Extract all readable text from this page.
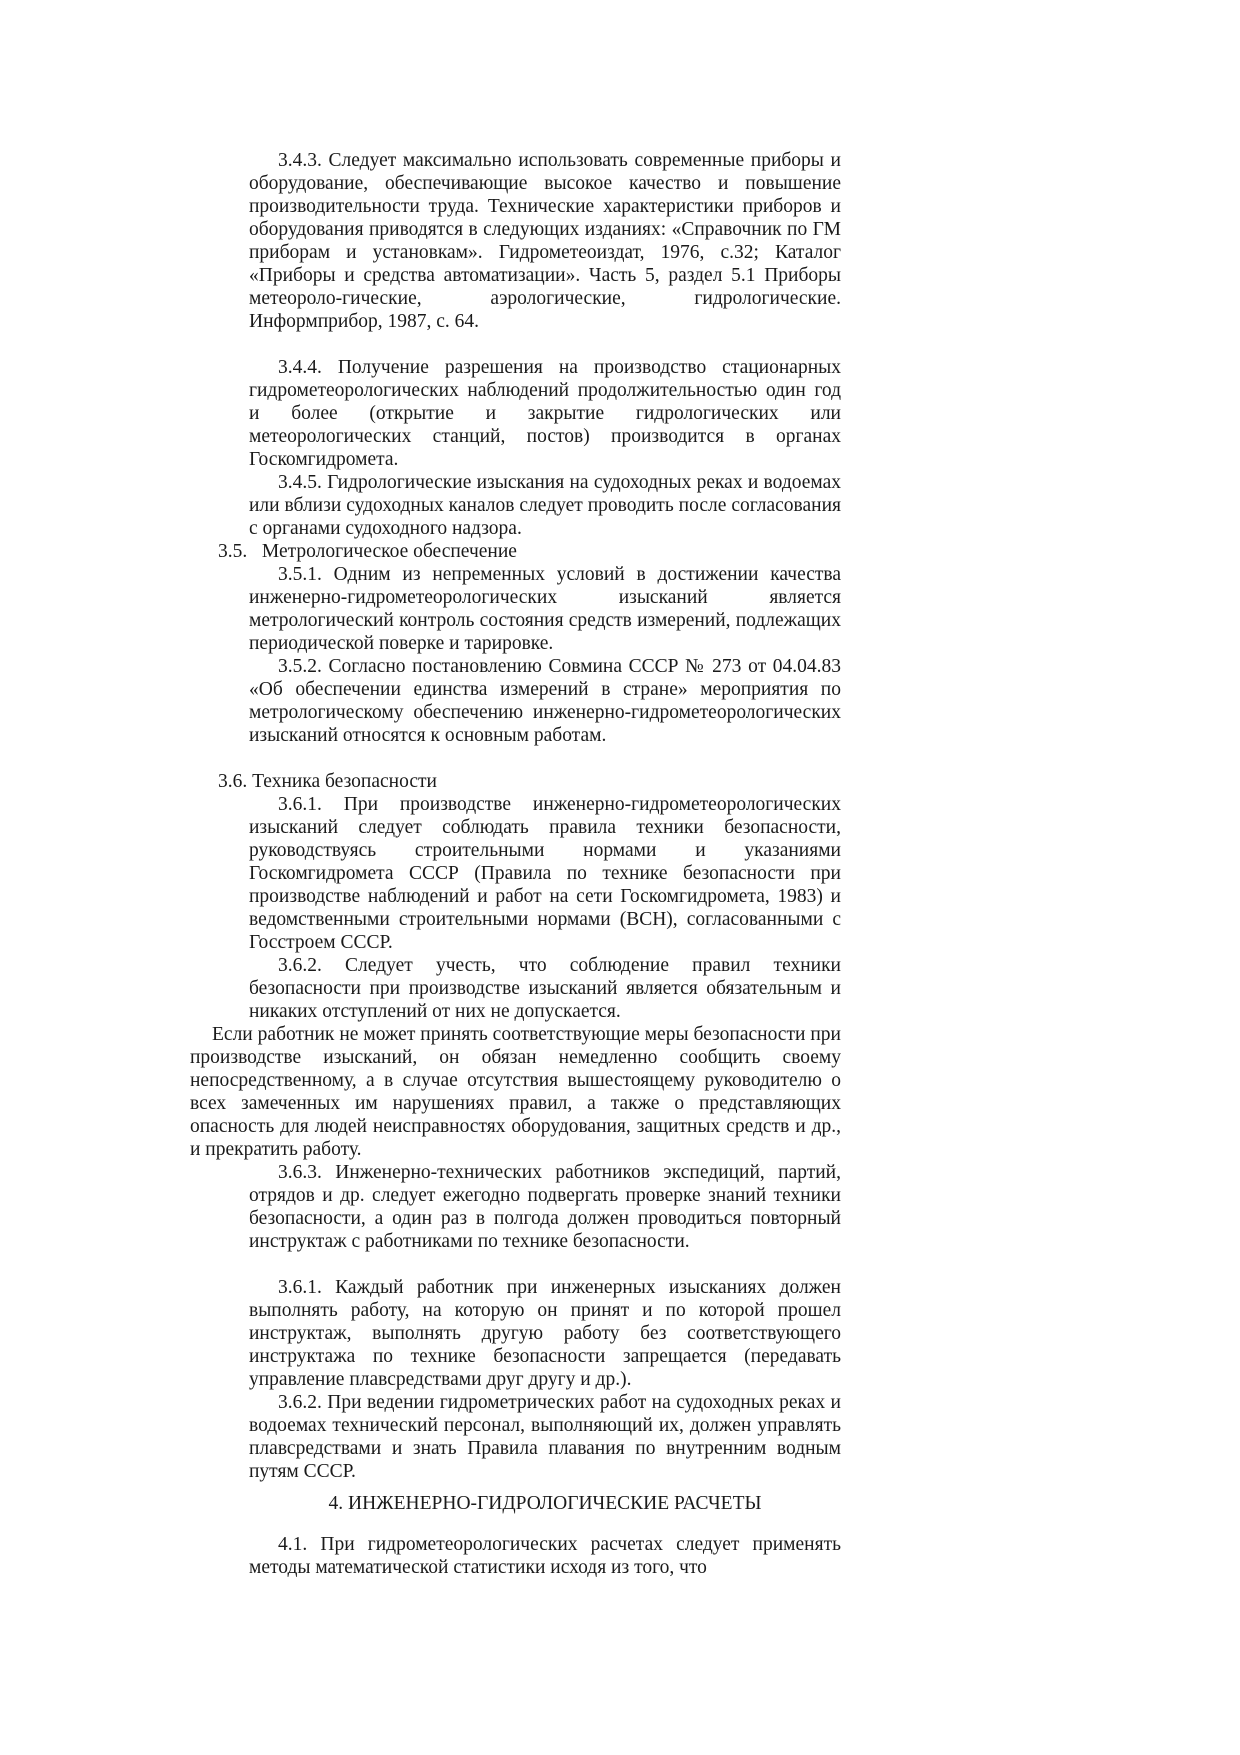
3.4.3. Следует максимально использовать современные приборы и оборудование, обеспечивающие высокое качество и повышение производительности труда. Технические характеристики приборов и оборудования приводятся в следующих изданиях: «Справочник по ГМ приборам и установкам». Гидрометеоиздат, 1976, с.32; Каталог «Приборы и средства автоматизации». Часть 5, раздел 5.1 Приборы метеороло-гические, аэрологические, гидрологические. Информприбор, 1987, с. 64.

3.4.4. Получение разрешения на производство стационарных гидрометеорологических наблюдений продолжительностью один год и более (открытие и закрытие гидрологических или метеорологических станций, постов) производится в органах Госкомгидромета.

3.4.5. Гидрологические изыскания на судоходных реках и водоемах или вблизи судоходных каналов следует проводить после согласования с органами судоходного надзора.

3.5.   Метрологическое обеспечение

3.5.1. Одним из непременных условий в достижении качества инженерно-гидрометеорологических изысканий является метрологический контроль состояния средств измерений, подлежащих периодической поверке и тарировке.

3.5.2. Согласно постановлению Совмина СССР № 273 от 04.04.83 «Об обеспечении единства измерений в стране» мероприятия по метрологическому обеспечению инженерно-гидрометеорологических изысканий относятся к основным работам.

3.6. Техника безопасности

3.6.1. При производстве инженерно-гидрометеорологических изысканий следует соблюдать правила техники безопасности, руководствуясь строительными нормами и указаниями Госкомгидромета СССР (Правила по технике безопасности при производстве наблюдений и работ на сети Госкомгидромета, 1983) и ведомственными строительными нормами (ВСН), согласованными с Госстроем СССР.

3.6.2. Следует учесть, что соблюдение правил техники безопасности при производстве изысканий является обязательным и никаких отступлений от них не допускается.

Если работник не может принять соответствующие меры безопасности при производстве изысканий, он обязан немедленно сообщить своему непосредственному, а в случае отсутствия вышестоящему руководителю о всех замеченных им нарушениях правил, а также о представляющих опасность для людей неисправностях оборудования, защитных средств и др., и прекратить работу.

3.6.3. Инженерно-технических работников экспедиций, партий, отрядов и др. следует ежегодно подвергать проверке знаний техники безопасности, а один раз в полгода должен проводиться повторный инструктаж с работниками по технике безопасности.

3.6.1. Каждый работник при инженерных изысканиях должен выполнять работу, на которую он принят и по которой прошел инструктаж, выполнять другую работу без соответствующего инструктажа по технике безопасности запрещается (передавать управление плавсредствами друг другу и др.).

3.6.2. При ведении гидрометрических работ на судоходных реках и водоемах технический персонал, выполняющий их, должен управлять плавсредствами и знать Правила плавания по внутренним водным путям СССР.

4. ИНЖЕНЕРНО-ГИДРОЛОГИЧЕСКИЕ РАСЧЕТЫ

4.1. При гидрометеорологических расчетах следует применять методы математической статистики исходя из того, что
